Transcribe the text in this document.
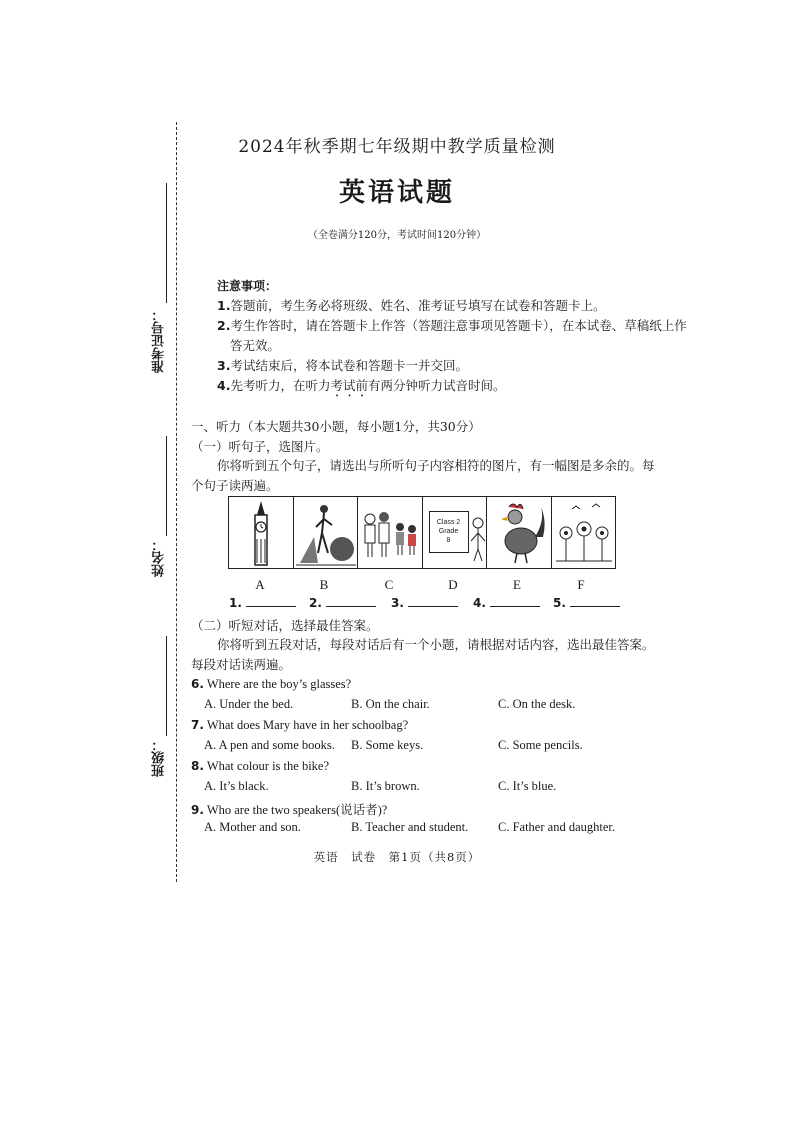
准考证号：
姓名：
班级：
2024年秋季期七年级期中教学质量检测
英语试题
（全卷满分120分，考试时间120分钟）
注意事项：
1.答题前，考生务必将班级、姓名、准考证号填写在试卷和答题卡上。
2.考生作答时，请在答题卡上作答（答题注意事项见答题卡），在本试卷、草稿纸上作
答无效。
3.考试结束后，将本试卷和答题卡一并交回。
4.先考听力，在听力考试前有两分钟听力试音时间。
一、听力（本大题共30小题，每小题1分，共30分）
（一）听句子，选图片。
你将听到五个句子，请选出与所听句子内容相符的图片，有一幅图是多余的。每个句子读两遍。
Class 2
Grade
8
A	B	C	D	E	F
1.	2.	3.	4.	5.
（二）听短对话，选择最佳答案。
你将听到五段对话，每段对话后有一个小题，请根据对话内容，选出最佳答案。每段对话读两遍。
6. Where are the boy’s glasses?
A. Under the bed.	B. On the chair.	C. On the desk.
7. What does Mary have in her schoolbag?
A. A pen and some books. B. Some keys.	C. Some pencils.
8. What colour is the bike?
A. It’s black.	B. It’s brown.	C. It’s blue.
9. Who are the two speakers(说话者)?
A. Mother and son.	B. Teacher and student. C. Father and daughter.
英语　试卷　第1页（共8页）
